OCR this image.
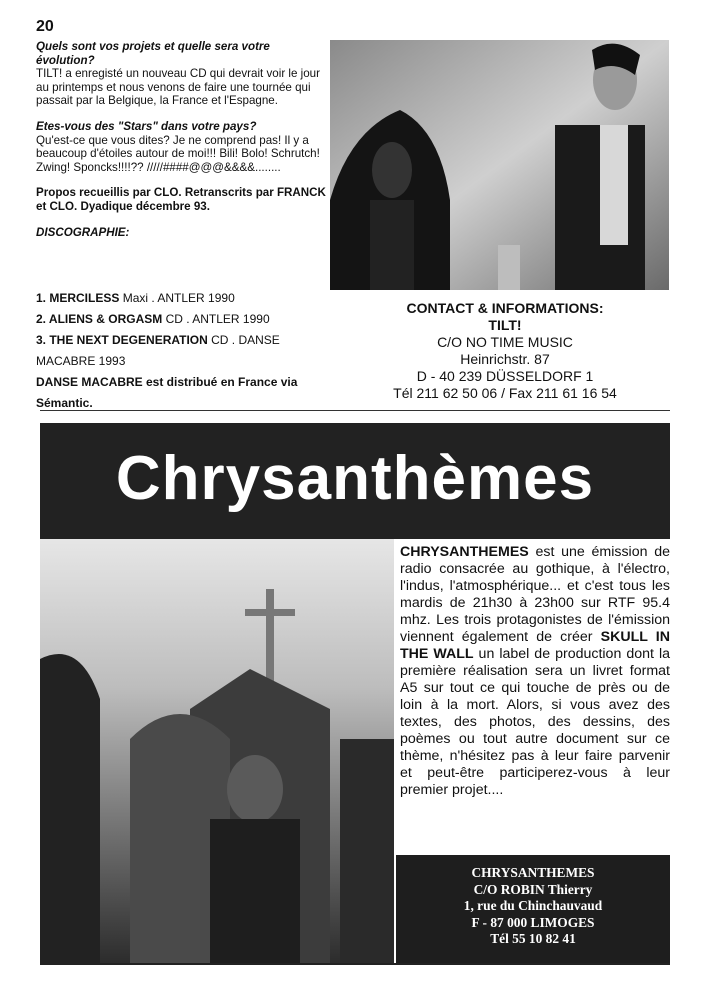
20

Quels sont vos projets et quelle sera votre évolution?
TILT! a enregisté un nouveau CD qui devrait voir le jour au printemps et nous venons de faire une tournée qui passait par la Belgique, la France et l'Espagne.

Etes-vous des "Stars" dans votre pays?
Qu'est-ce que vous dites? Je ne comprend pas! Il y a beaucoup d'étoiles autour de moi!!! Bili! Bolo! Schrutch! Zwing! Sponcks!!!!?? /////####@@@&&&&........

Propos recueillis par CLO. Retranscrits par FRANCK et CLO. Dyadique décembre 93.

DISCOGRAPHIE:
1. MERCILESS Maxi . ANTLER 1990
2. ALIENS & ORGASM CD . ANTLER 1990
3. THE NEXT DEGENERATION CD . DANSE MACABRE 1993
DANSE MACABRE est distribué en France via Sémantic.
CONTACT & INFORMATIONS:
TILT!
C/O NO TIME MUSIC
Heinrichstr. 87
D - 40 239 DÜSSELDORF 1
Tél 211 62 50 06 / Fax 211 61 16 54
Chrysanthèmes
CHRYSANTHEMES est une émission de radio consacrée au gothique, à l'électro, l'indus, l'atmosphérique... et c'est tous les mardis de 21h30 à 23h00 sur RTF 95.4 mhz. Les trois protagonistes de l'émission viennent également de créer SKULL IN THE WALL un label de production dont la première réalisation sera un livret format A5 sur tout ce qui touche de près ou de loin à la mort. Alors, si vous avez des textes, des photos, des dessins, des poèmes ou tout autre document sur ce thème, n'hésitez pas à leur faire parvenir et peut-être participerez-vous à leur premier projet....
CHRYSANTHEMES
C/O ROBIN Thierry
1, rue du Chinchauvaud
F - 87 000 LIMOGES
Tél 55 10 82 41
